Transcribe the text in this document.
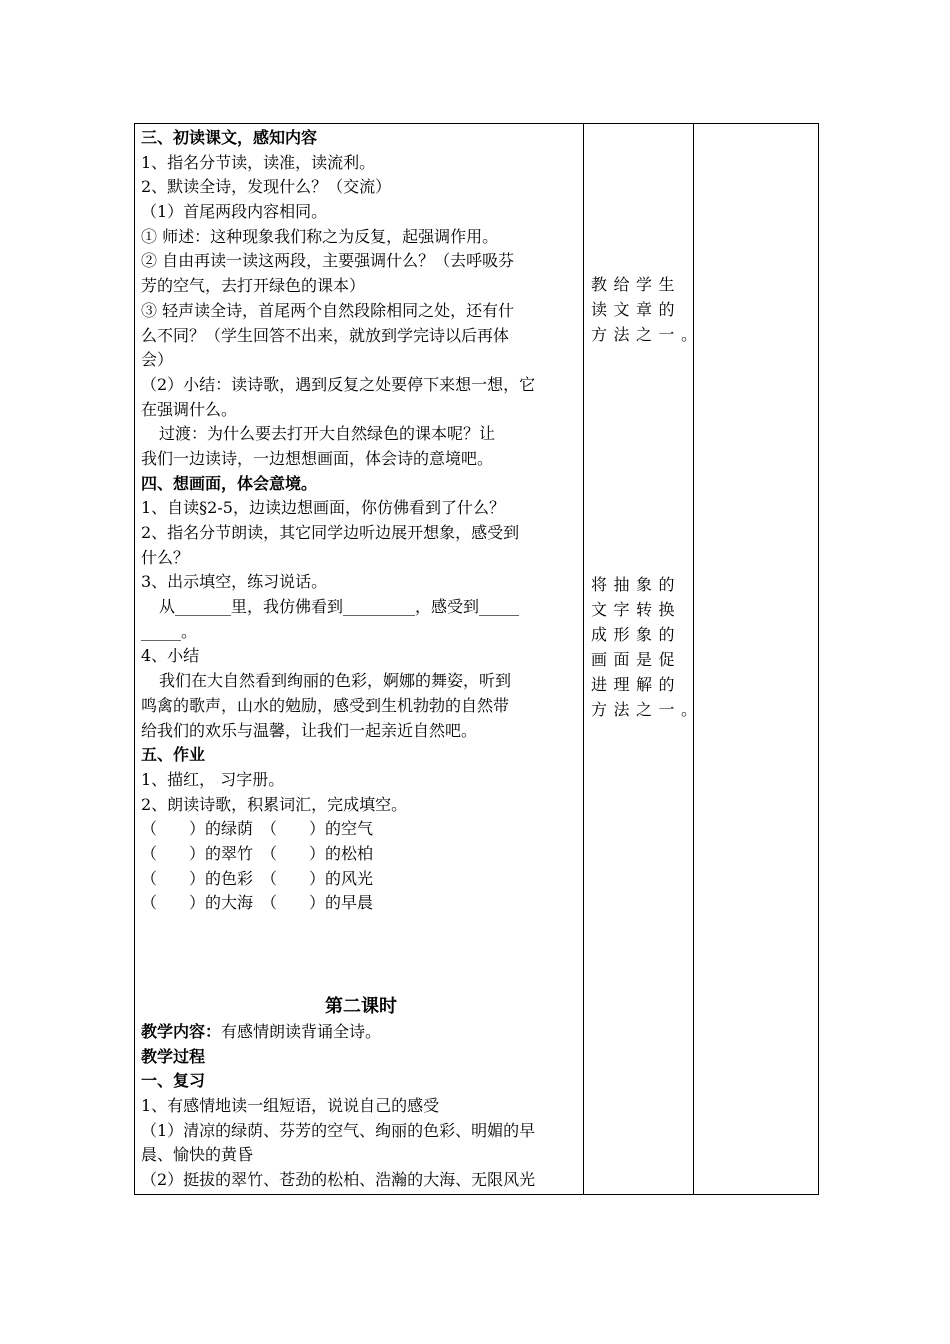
三、初读课文，感知内容
1、指名分节读，读准，读流利。
2、默读全诗，发现什么？（交流）
（1）首尾两段内容相同。
① 师述：这种现象我们称之为反复，起强调作用。
② 自由再读一读这两段，主要强调什么？（去呼吸芬
芳的空气，去打开绿色的课本）
③ 轻声读全诗，首尾两个自然段除相同之处，还有什
么不同？（学生回答不出来，就放到学完诗以后再体
会）
（2）小结：读诗歌，遇到反复之处要停下来想一想，它
在强调什么。
过渡：为什么要去打开大自然绿色的课本呢？让
我们一边读诗，一边想想画面，体会诗的意境吧。
四、想画面，体会意境。
1、自读§2-5，边读边想画面，你仿佛看到了什么？
2、指名分节朗读，其它同学边听边展开想象，感受到
什么？
3、出示填空，练习说话。
从_______里，我仿佛看到_________，感受到_____
_____。
4、小结
我们在大自然看到绚丽的色彩，婀娜的舞姿，听到
鸣禽的歌声，山水的勉励，感受到生机勃勃的自然带
给我们的欢乐与温馨，让我们一起亲近自然吧。
五、作业
1、描红， 习字册。
2、朗读诗歌，积累词汇，完成填空。
（　　）的绿荫　（　　）的空气
（　　）的翠竹　（　　）的松柏
（　　）的色彩　（　　）的风光
（　　）的大海　（　　）的早晨
第二课时
教学内容：有感情朗读背诵全诗。
教学过程
一、复习
1、有感情地读一组短语，说说自己的感受
（1）清凉的绿荫、芬芳的空气、绚丽的色彩、明媚的早
晨、愉快的黄昏
（2）挺拔的翠竹、苍劲的松柏、浩瀚的大海、无限风光
教给学生
读文章的
方法之一。
将抽象的
文字转换
成形象的
画面是促
进理解的
方法之一。
